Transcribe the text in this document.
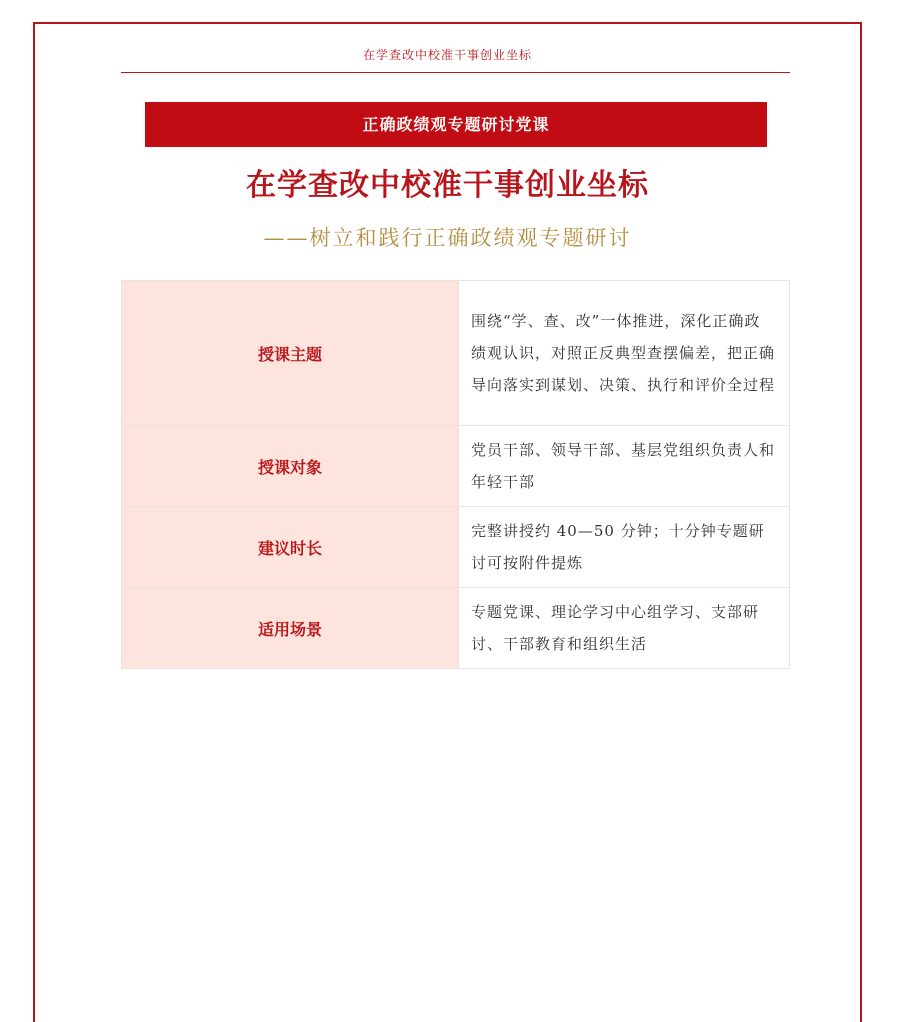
在学查改中校准干事创业坐标
正确政绩观专题研讨党课
在学查改中校准干事创业坐标
——树立和践行正确政绩观专题研讨
授课主题	围绕“学、查、改”一体推进，深化正确政绩观认识，对照正反典型查摆偏差，把正确导向落实到谋划、决策、执行和评价全过程
授课对象	党员干部、领导干部、基层党组织负责人和年轻干部
建议时长	完整讲授约 40—50 分钟；十分钟专题研讨可按附件提炼
适用场景	专题党课、理论学习中心组学习、支部研讨、干部教育和组织生活
